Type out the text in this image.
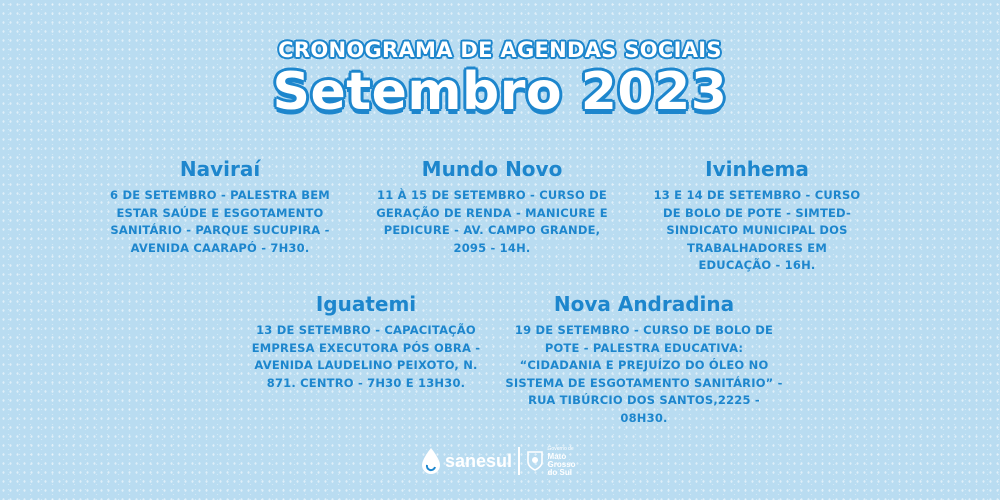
CRONOGRAMA DE AGENDAS SOCIAIS
Setembro 2023
Naviraí

6 DE SETEMBRO - PALESTRA BEM ESTAR SAÚDE E ESGOTAMENTO SANITÁRIO - PARQUE SUCUPIRA - AVENIDA CAARAPÓ - 7H30.

Mundo Novo

11 À 15 DE SETEMBRO - CURSO DE GERAÇÃO DE RENDA - MANICURE E PEDICURE - AV. CAMPO GRANDE, 2095 - 14H.

Ivinhema

13 E 14 DE SETEMBRO - CURSO DE BOLO DE POTE - SIMTED- SINDICATO MUNICIPAL DOS TRABALHADORES EM EDUCAÇÃO - 16H.

Iguatemi

13 DE SETEMBRO - CAPACITAÇÃO EMPRESA EXECUTORA PÓS OBRA - AVENIDA LAUDELINO PEIXOTO, N. 871. CENTRO - 7H30 E 13H30.

Nova Andradina

19 DE SETEMBRO - CURSO DE BOLO DE POTE - PALESTRA EDUCATIVA: “CIDADANIA E PREJUÍZO DO ÓLEO NO SISTEMA DE ESGOTAMENTO SANITÁRIO” - RUA TIBÚRCIO DOS SANTOS,2225 - 08H30.

sanesul
Governo de
Mato
Grosso
do Sul
